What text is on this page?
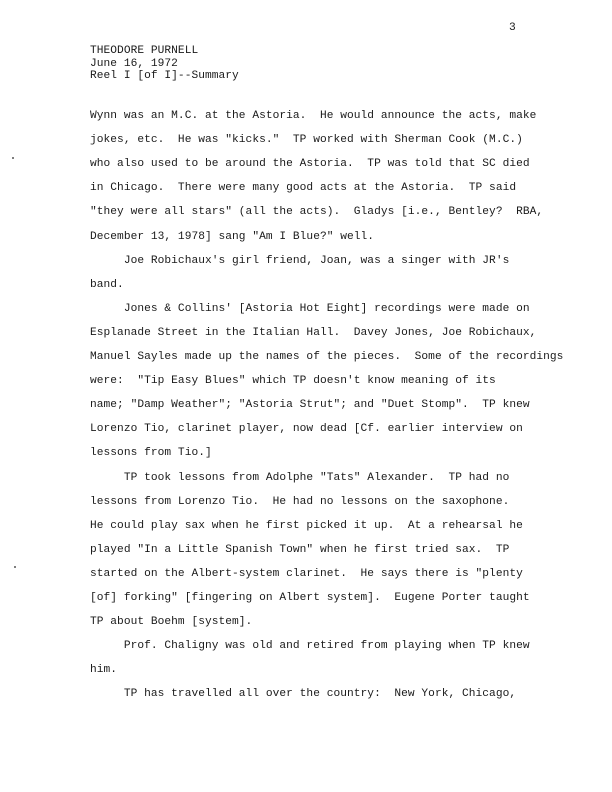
3
THEODORE PURNELL
June 16, 1972
Reel I [of I]--Summary
Wynn was an M.C. at the Astoria.  He would announce the acts, make
jokes, etc.  He was "kicks."  TP worked with Sherman Cook (M.C.)
who also used to be around the Astoria.  TP was told that SC died
in Chicago.  There were many good acts at the Astoria.  TP said
"they were all stars" (all the acts).  Gladys [i.e., Bentley?  RBA,
December 13, 1978] sang "Am I Blue?" well.
Joe Robichaux's girl friend, Joan, was a singer with JR's
band.
Jones & Collins' [Astoria Hot Eight] recordings were made on
Esplanade Street in the Italian Hall.  Davey Jones, Joe Robichaux,
Manuel Sayles made up the names of the pieces.  Some of the recordings
were:  "Tip Easy Blues" which TP doesn't know meaning of its
name; "Damp Weather"; "Astoria Strut"; and "Duet Stomp".  TP knew
Lorenzo Tio, clarinet player, now dead [Cf. earlier interview on
lessons from Tio.]
TP took lessons from Adolphe "Tats" Alexander.  TP had no
lessons from Lorenzo Tio.  He had no lessons on the saxophone.
He could play sax when he first picked it up.  At a rehearsal he
played "In a Little Spanish Town" when he first tried sax.  TP
started on the Albert-system clarinet.  He says there is "plenty
[of] forking" [fingering on Albert system].  Eugene Porter taught
TP about Boehm [system].
Prof. Chaligny was old and retired from playing when TP knew
him.
TP has travelled all over the country:  New York, Chicago,
